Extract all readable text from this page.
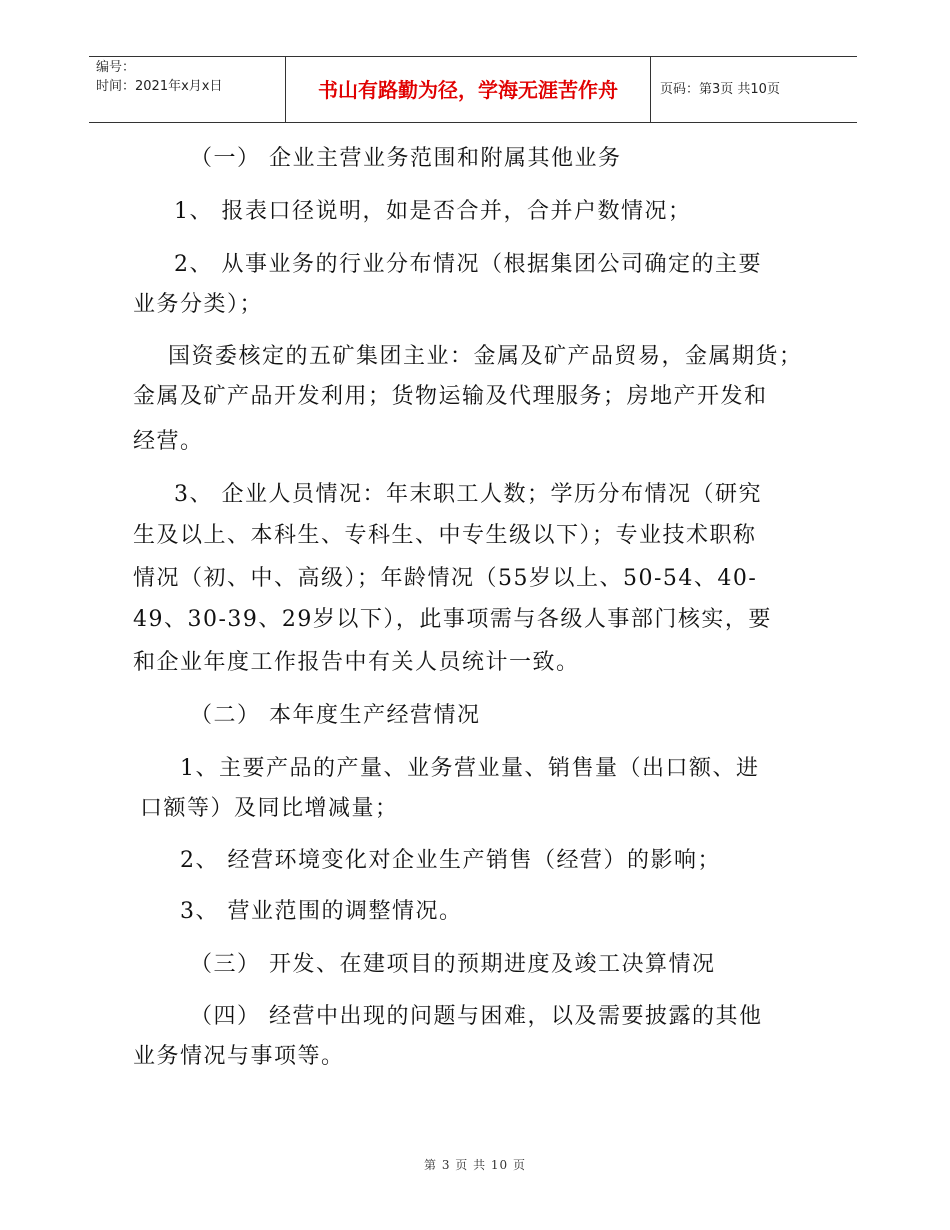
编号：
时间：2021年x月x日	书山有路勤为径，学海无涯苦作舟	页码：第3页 共10页
（一） 企业主营业务范围和附属其他业务
1、 报表口径说明，如是否合并，合并户数情况；
2、 从事业务的行业分布情况（根据集团公司确定的主要
业务分类）；
国资委核定的五矿集团主业：金属及矿产品贸易，金属期货；
金属及矿产品开发利用；货物运输及代理服务；房地产开发和
经营。
3、 企业人员情况：年末职工人数；学历分布情况（研究
生及以上、本科生、专科生、中专生级以下）；专业技术职称
情况（初、中、高级）；年龄情况（55岁以上、50-54、40-
49、30-39、29岁以下），此事项需与各级人事部门核实，要
和企业年度工作报告中有关人员统计一致。
（二） 本年度生产经营情况
1、主要产品的产量、业务营业量、销售量（出口额、进
口额等）及同比增减量；
2、 经营环境变化对企业生产销售（经营）的影响；
3、 营业范围的调整情况。
（三） 开发、在建项目的预期进度及竣工决算情况
（四） 经营中出现的问题与困难，以及需要披露的其他
业务情况与事项等。
第 3 页 共 10 页
